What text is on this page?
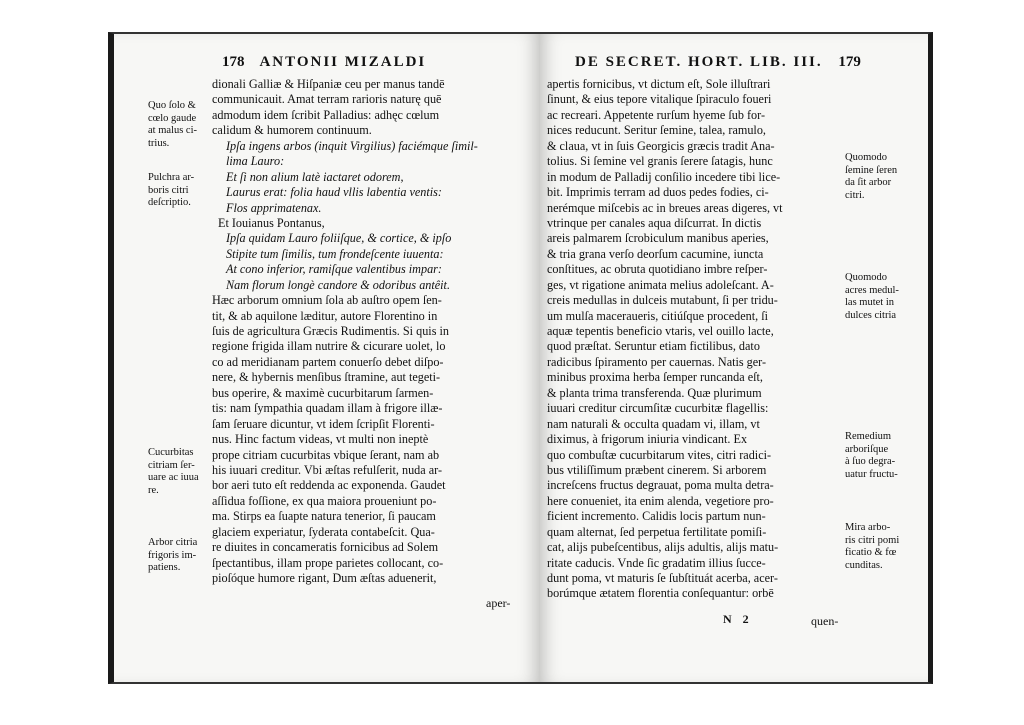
178 ANTONII MIZALDI
dionali Galliæ & Hiſpaniæ ceu per manus tandē
communicauit. Amat terram rarioris naturę quē
admodum idem ſcribit Palladius: adhęc cœlum
calidum & humorem continuum.
Ipſa ingens arbos (inquit Virgilius) faciémque ſimil-
lima Lauro:
Et ſi non alium latè iactaret odorem,
Laurus erat: folia haud vllis labentia ventis:
Flos apprimatenax.
Et Iouianus Pontanus,
Ipſa quidam Lauro foliiſque, & cortice, & ipſo
Stipite tum ſimilis, tum frondeſcente iuuenta:
At cono inferior, ramiſque valentibus impar:
Nam florum longè candore & odoribus antêit.
Hæc arborum omnium ſola ab auſtro opem ſen-
tit, & ab aquilone læditur, autore Florentino in
ſuis de agricultura Græcis Rudimentis. Si quis in
regione frigida illam nutrire & cicurare uolet, lo
co ad meridianam partem conuerſo debet diſpo-
nere, & hybernis menſibus ſtramine, aut tegeti-
bus operire, & maximè cucurbitarum ſarmen-
tis: nam ſympathia quadam illam à frigore illæ-
ſam ſeruare dicuntur, vt idem ſcripſit Florenti-
nus. Hinc factum videas, vt multi non ineptè
prope citriam cucurbitas vbique ſerant, nam ab
his iuuari creditur. Vbi æſtas refulſerit, nuda ar-
bor aeri tuto eſt reddenda ac exponenda. Gaudet
aſſidua foſſione, ex qua maiora proueniunt po-
ma. Stirps ea ſuapte natura tenerior, ſi paucam
glaciem experiatur, ſyderata contabeſcit. Qua-
re diuites in concameratis fornicibus ad Solem
ſpectantibus, illam prope parietes collocant, co-
pioſóque humore rigant, Dum æſtas aduenerit,
Quo ſolo &
cœlo gaude
at malus ci-
trius.
Pulchra ar-
boris citri
deſcriptio.
Cucurbitas
citriam ſer-
uare ac iuua
re.
Arbor citria
frigoris im-
patiens.
aper-
DE SECRET. HORT. LIB. III. 179
apertis fornicibus, vt dictum eſt, Sole illuſtrari
ſinunt, & eius tepore vitalique ſpiraculo foueri
ac recreari. Appetente rurſum hyeme ſub for-
nices reducunt. Seritur ſemine, talea, ramulo,
& claua, vt in ſuis Georgicis græcis tradit Ana-
tolius. Si ſemine vel granis ſerere ſatagis, hunc
in modum de Palladij conſilio incedere tibi lice-
bit. Imprimis terram ad duos pedes fodies, ci-
nerémque miſcebis ac in breues areas diɡeres, vt
vtrinque per canales aqua diſcurrat. In dictis
areis palmarem ſcrobiculum manibus aperies,
& tria grana verſo deorſum cacumine, iuncta
conſtitues, ac obruta quotidiano imbre reſper-
ges, vt rigatione animata melius adoleſcant. A-
creis medullas in dulceis mutabunt, ſi per tridu-
um mulſa maceraueris, citiúſque procedent, ſi
aquæ tepentis beneficio vtaris, vel ouillo lacte,
quod præſtat. Seruntur etiam fictilibus, dato
radicibus ſpiramento per cauernas. Natis ger-
minibus proxima herba ſemper runcanda eſt,
& planta trima transferenda. Quæ plurimum
iuuari creditur circumſitæ cucurbitæ flagellis:
nam naturali & occulta quadam vi, illam, vt
diximus, à frigorum iniuria vindicant. Ex
quo combuſtæ cucurbitarum vites, citri radici-
bus vtiliſſimum præbent cinerem. Si arborem
increſcens fructus degrauat, poma multa detra-
here conueniet, ita enim alenda, vegetiore pro-
ficient incremento. Calidis locis partum nun-
quam alternat, ſed perpetua fertilitate pomiſi-
cat, alijs pubeſcentibus, alijs adultis, alijs matu-
ritate caducis. Vnde ſic gradatim illius ſucce-
dunt poma, vt maturis ſe ſubſtituát acerba, acer-
borúmque ætatem florentia conſequantur: orbē
Quomodo
ſemine ſeren
da ſit arbor
citri.
Quomodo
acres medul-
las mutet in
dulces citria
Remedium
arboriſque
à ſuo degra-
uatur fructu-
Mira arbo-
ris citri pomi
ficatio & fœ
cunditas.
N 2	quen-
